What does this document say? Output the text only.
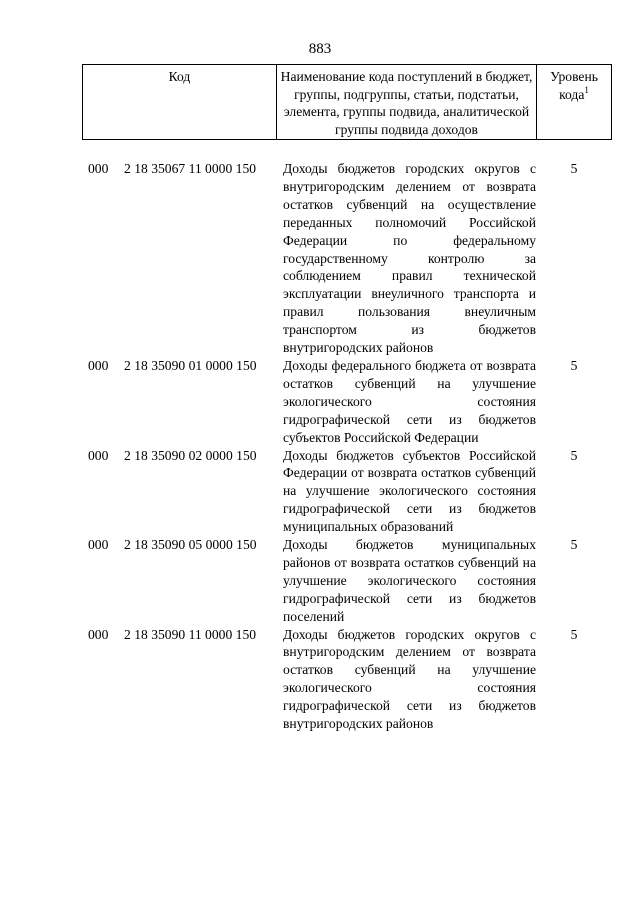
883
Код	Наименование кода поступлений в бюджет, группы, подгруппы, статьи, подстатьи, элемента, группы подвида, аналитической группы подвида доходов
Уровень кода$^1$
000 2 18 35067 11 0000 150 Доходы бюджетов городских округов с внутригородским делением от возврата остатков субвенций на осуществление переданных полномочий Российской Федерации по федеральному государственному контролю за соблюдением правил технической эксплуатации внеуличного транспорта и правил пользования внеуличным транспортом из бюджетов внутригородских районов
5
000 2 18 35090 01 0000 150 Доходы федерального бюджета от возврата остатков субвенций на улучшение экологического состояния гидрографической сети из бюджетов субъектов Российской Федерации
5
000 2 18 35090 02 0000 150 Доходы бюджетов субъектов Российской Федерации от возврата остатков субвенций на улучшение экологического состояния гидрографической сети из бюджетов муниципальных образований
5
000 2 18 35090 05 0000 150 Доходы бюджетов муниципальных районов от возврата остатков субвенций на улучшение экологического состояния гидрографической сети из бюджетов поселений
5
000 2 18 35090 11 0000 150 Доходы бюджетов городских округов с внутригородским делением от возврата остатков субвенций на улучшение экологического состояния гидрографической сети из бюджетов внутригородских районов
5
